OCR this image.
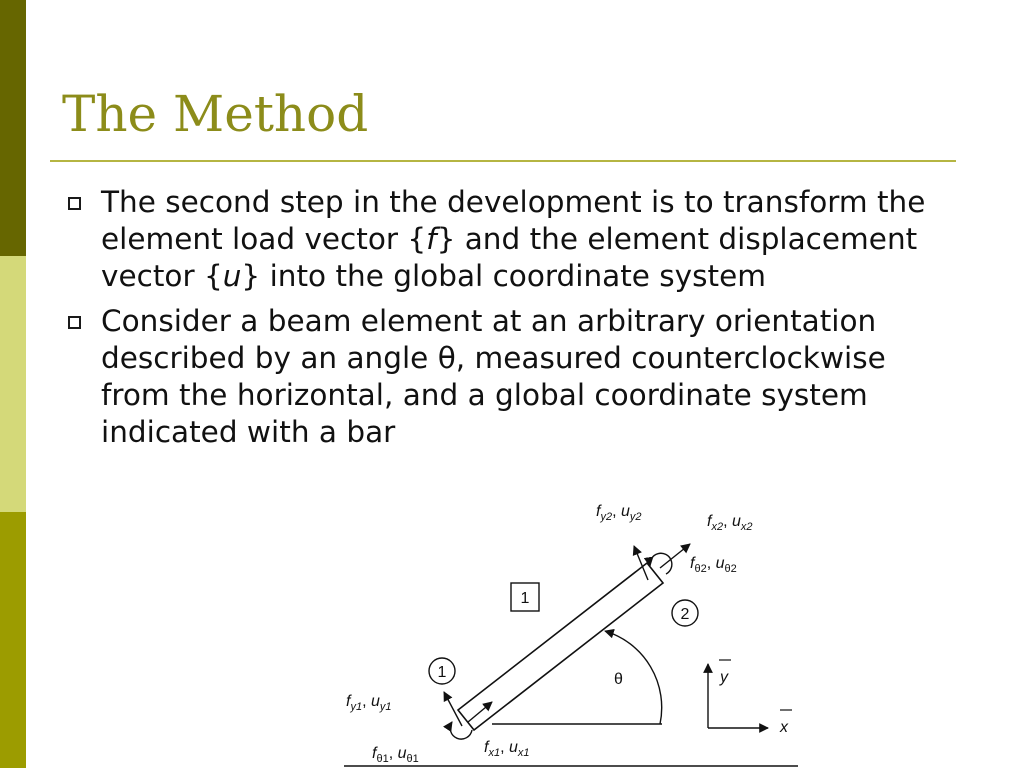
The Method
The second step in the development is to transform the element load vector {f} and the element displacement vector {u} into the global coordinate system
Consider a beam element at an arbitrary orientation described by an angle θ, measured counterclockwise from the horizontal, and a global coordinate system indicated with a bar
θ
1
2
1
$f_{y2}$, $u_{y2}$	$f_{x2}$, $u_{x2}$
$f_{\theta 2}$, $u_{\theta 2}$
$f_{y1}$, $u_{y1}$
$f_{x1}$, $u_{x1}$
$f_{\theta 1}$, $u_{\theta 1}$
y
x
